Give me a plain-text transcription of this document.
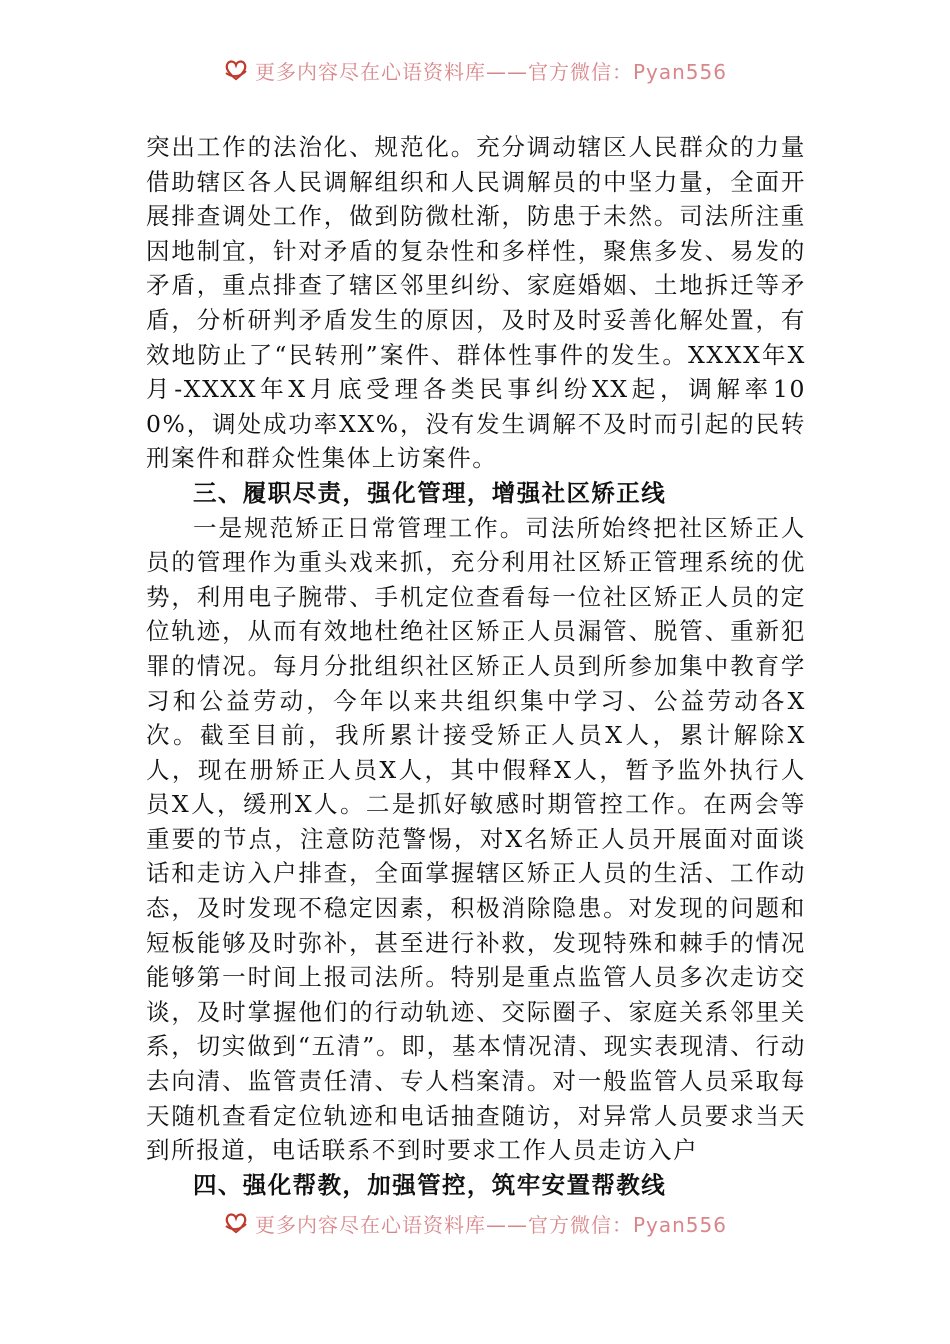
更多内容尽在心语资料库——官方微信：Pyan556

突出工作的法治化、规范化。充分调动辖区人民群众的力量借助辖区各人民调解组织和人民调解员的中坚力量，全面开展排查调处工作，做到防微杜渐，防患于未然。司法所注重因地制宜，针对矛盾的复杂性和多样性，聚焦多发、易发的矛盾，重点排查了辖区邻里纠纷、家庭婚姻、土地拆迁等矛盾，分析研判矛盾发生的原因，及时及时妥善化解处置，有效地防止了“民转刑”案件、群体性事件的发生。XXXX年X月-XXXX年X月底受理各类民事纠纷XX起，调解率100%，调处成功率XX%，没有发生调解不及时而引起的民转刑案件和群众性集体上访案件。

三、履职尽责，强化管理，增强社区矫正线

一是规范矫正日常管理工作。司法所始终把社区矫正人员的管理作为重头戏来抓，充分利用社区矫正管理系统的优势，利用电子腕带、手机定位查看每一位社区矫正人员的定位轨迹，从而有效地杜绝社区矫正人员漏管、脱管、重新犯罪的情况。每月分批组织社区矫正人员到所参加集中教育学习和公益劳动，今年以来共组织集中学习、公益劳动各X次。截至目前，我所累计接受矫正人员X人，累计解除X人，现在册矫正人员X人，其中假释X人，暂予监外执行人员X人，缓刑X人。二是抓好敏感时期管控工作。在两会等重要的节点，注意防范警惕，对X名矫正人员开展面对面谈话和走访入户排查，全面掌握辖区矫正人员的生活、工作动态，及时发现不稳定因素，积极消除隐患。对发现的问题和短板能够及时弥补，甚至进行补救，发现特殊和棘手的情况能够第一时间上报司法所。特别是重点监管人员多次走访交谈，及时掌握他们的行动轨迹、交际圈子、家庭关系邻里关系，切实做到“五清”。即，基本情况清、现实表现清、行动去向清、监管责任清、专人档案清。对一般监管人员采取每天随机查看定位轨迹和电话抽查随访，对异常人员要求当天到所报道，电话联系不到时要求工作人员走访入户

四、强化帮教，加强管控，筑牢安置帮教线

更多内容尽在心语资料库——官方微信：Pyan556
